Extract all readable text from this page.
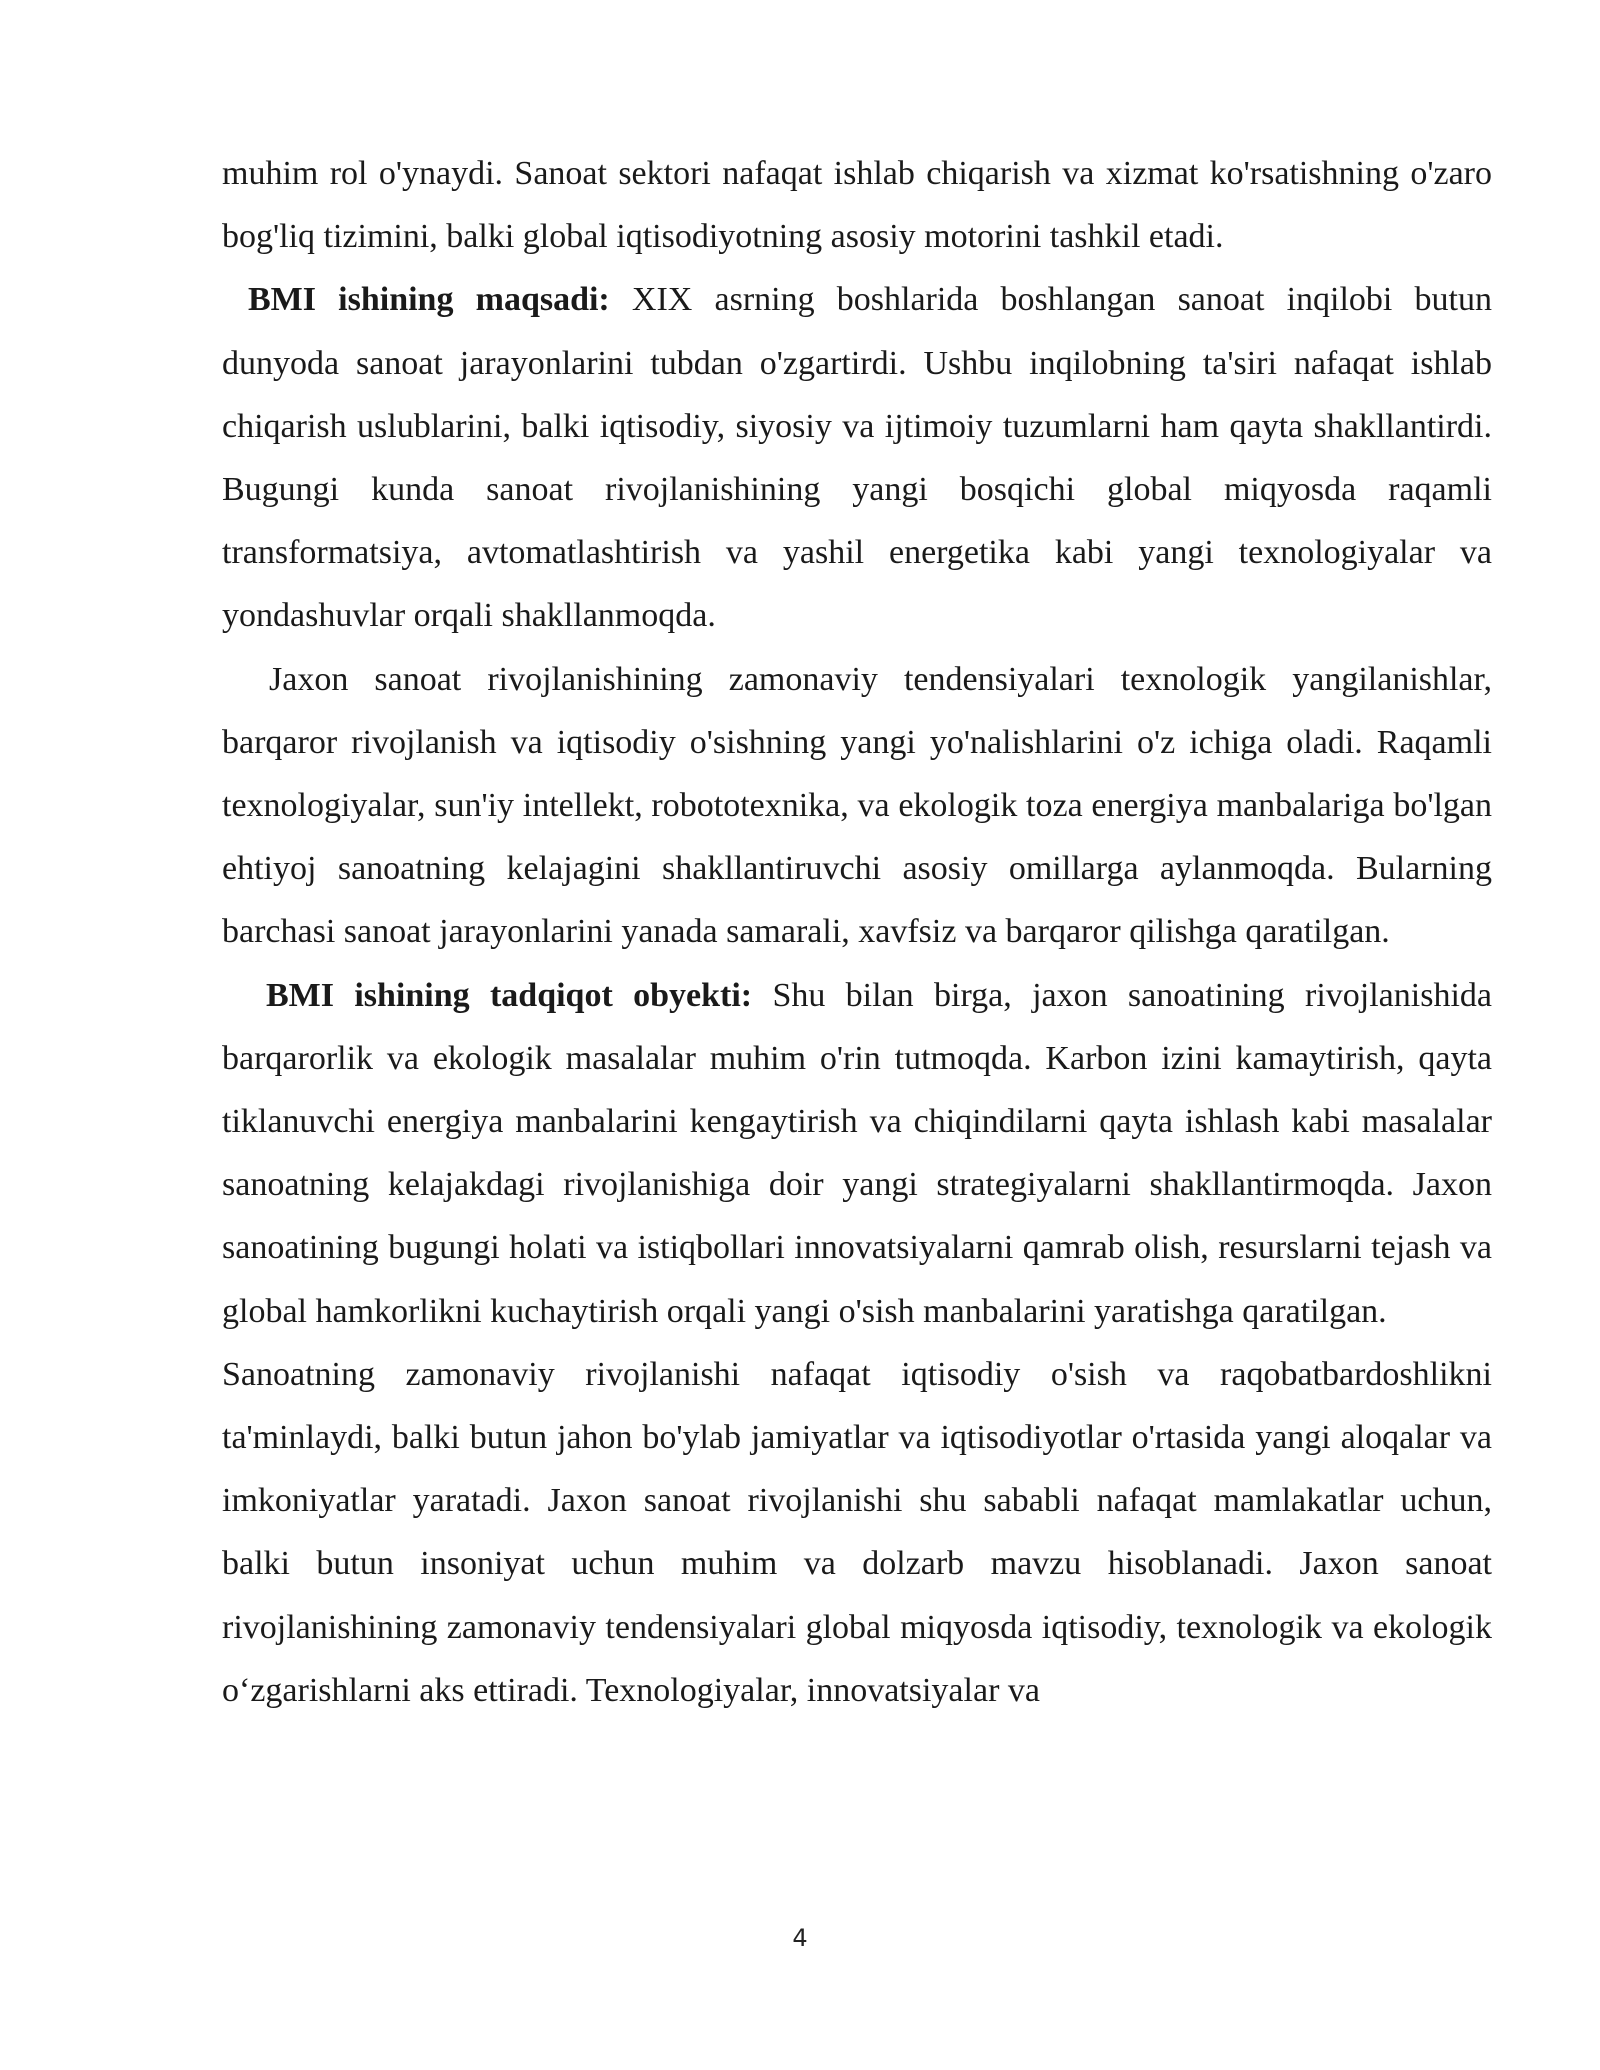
muhim rol o'ynaydi. Sanoat sektori nafaqat ishlab chiqarish va xizmat ko'rsatishning o'zaro bog'liq tizimini, balki global iqtisodiyotning asosiy motorini tashkil etadi.

BMI ishining maqsadi: XIX asrning boshlarida boshlangan sanoat inqilobi butun dunyoda sanoat jarayonlarini tubdan o'zgartirdi. Ushbu inqilobning ta'siri nafaqat ishlab chiqarish uslublarini, balki iqtisodiy, siyosiy va ijtimoiy tuzumlarni ham qayta shakllantirdi. Bugungi kunda sanoat rivojlanishining yangi bosqichi global miqyosda raqamli transformatsiya, avtomatlashtirish va yashil energetika kabi yangi texnologiyalar va yondashuvlar orqali shakllanmoqda.

Jaxon sanoat rivojlanishining zamonaviy tendensiyalari texnologik yangilanishlar, barqaror rivojlanish va iqtisodiy o'sishning yangi yo'nalishlarini o'z ichiga oladi. Raqamli texnologiyalar, sun'iy intellekt, robototexnika, va ekologik toza energiya manbalariga bo'lgan ehtiyoj sanoatning kelajagini shakllantiruvchi asosiy omillarga aylanmoqda. Bularning barchasi sanoat jarayonlarini yanada samarali, xavfsiz va barqaror qilishga qaratilgan.

BMI ishining tadqiqot obyekti: Shu bilan birga, jaxon sanoatining rivojlanishida barqarorlik va ekologik masalalar muhim o'rin tutmoqda. Karbon izini kamaytirish, qayta tiklanuvchi energiya manbalarini kengaytirish va chiqindilarni qayta ishlash kabi masalalar sanoatning kelajakdagi rivojlanishiga doir yangi strategiyalarni shakllantirmoqda. Jaxon sanoatining bugungi holati va istiqbollari innovatsiyalarni qamrab olish, resurslarni tejash va global hamkorlikni kuchaytirish orqali yangi o'sish manbalarini yaratishga qaratilgan.

Sanoatning zamonaviy rivojlanishi nafaqat iqtisodiy o'sish va raqobatbardoshlikni ta'minlaydi, balki butun jahon bo'ylab jamiyatlar va iqtisodiyotlar o'rtasida yangi aloqalar va imkoniyatlar yaratadi. Jaxon sanoat rivojlanishi shu sababli nafaqat mamlakatlar uchun, balki butun insoniyat uchun muhim va dolzarb mavzu hisoblanadi. Jaxon sanoat rivojlanishining zamonaviy tendensiyalari global miqyosda iqtisodiy, texnologik va ekologik oʻzgarishlarni aks ettiradi. Texnologiyalar, innovatsiyalar va

4
